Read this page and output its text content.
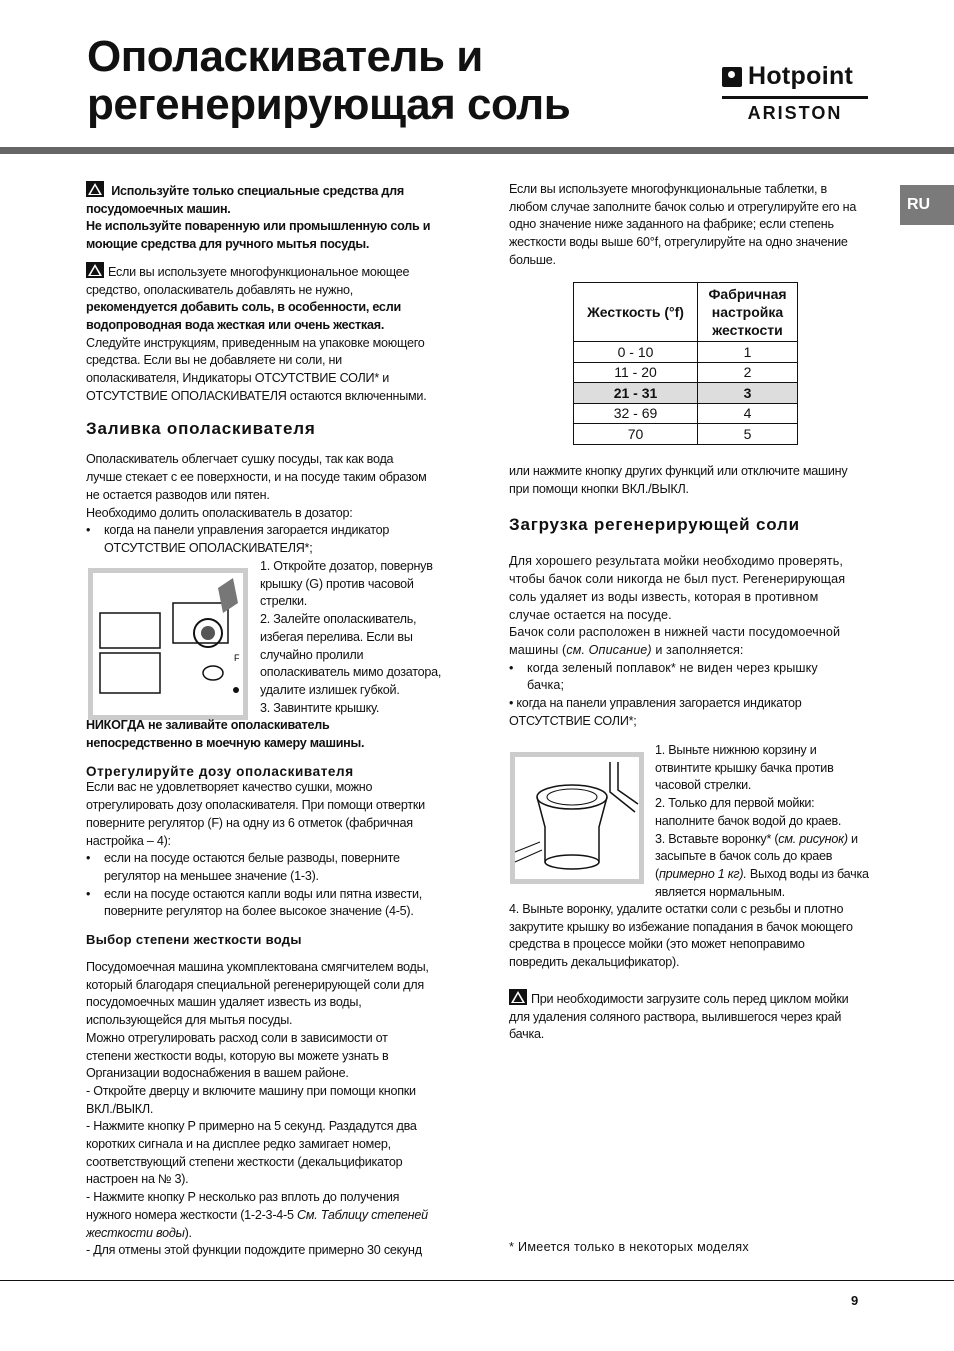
Ополаскиватель и
регенерирующая соль
Hotpoint
ARISTON
RU
Используйте только специальные средства для
посудомоечных машин.
Не используйте поваренную или промышленную соль и
моющие средства для ручного мытья посуды.
Если вы используете многофункциональное моющее
средство, ополаскиватель добавлять не нужно,
рекомендуется добавить соль, в особенности, если
водопроводная вода жесткая или очень жесткая.
Следуйте инструкциям, приведенным на упаковке моющего
средства. Если вы не добавляете ни соли, ни
ополаскивателя, Индикаторы ОТСУТСТВИЕ СОЛИ* и
ОТСУТСТВИЕ ОПОЛАСКИВАТЕЛЯ остаются включенными.
Заливка ополаскивателя
Ополаскиватель облегчает сушку посуды, так как вода
лучше стекает с ее поверхности, и на посуде таким образом
не остается разводов или пятен.
Необходимо долить ополаскиватель в дозатор:
•	когда на панели управления загорается индикатор
ОТСУТСТВИЕ ОПОЛАСКИВАТЕЛЯ*;
F
1. Откройте дозатор, повернув
крышку (G) против часовой
стрелки.
2. Залейте ополаскиватель,
избегая перелива. Если вы
случайно пролили
ополаскиватель мимо дозатора,
удалите излишек губкой.
3. Завинтите крышку.
НИКОГДА не заливайте ополаскиватель
непосредственно в моечную камеру машины.
Отрегулируйте дозу ополаскивателя
Если вас не удовлетворяет качество сушки, можно
отрегулировать дозу ополаскивателя. При помощи отвертки
поверните регулятор (F) на одну из 6 отметок (фабричная
настройка – 4):
•	если на посуде остаются белые разводы, поверните
регулятор на меньшее значение (1-3).
•	если на посуде остаются капли воды или пятна извести,
поверните регулятор на более высокое значение (4-5).
Выбор степени жесткости воды
Посудомоечная машина укомплектована смягчителем воды,
который благодаря специальной регенерирующей соли для
посудомоечных машин удаляет известь из воды,
использующейся для мытья посуды.
Можно отрегулировать расход соли в зависимости от
степени жесткости воды, которую вы можете узнать в
Организации водоснабжения в вашем районе.
- Откройте дверцу и включите машину при помощи кнопки
ВКЛ./ВЫКЛ.
- Нажмите кнопку P примерно на 5 секунд. Раздадутся два
коротких сигнала и на дисплее редко замигает номер,
соответствующий степени жесткости (декальцификатор
настроен на № 3).
- Нажмите кнопку P несколько раз вплоть до получения
нужного номера жесткости (1-2-3-4-5 См. Таблицу степеней
жесткости воды).
- Для отмены этой функции подождите примерно 30 секунд
Если вы используете многофункциональные таблетки, в
любом случае заполните бачок солью и отрегулируйте его на
одно значение ниже заданного на фабрике; если степень
жесткости воды выше 60°f, отрегулируйте на одно значение
больше.
Жесткость (°f)	Фабричная
настройка
жесткости
0 - 10	1
11 - 20	2
21 - 31	3
32 - 69	4
70	5
или нажмите кнопку других функций или отключите машину
при помощи кнопки ВКЛ./ВЫКЛ.
Загрузка регенерирующей соли
Для хорошего результата мойки необходимо проверять,
чтобы бачок соли никогда не был пуст. Регенерирующая
соль удаляет из воды известь, которая в противном
случае остается на посуде.
Бачок соли расположен в нижней части посудомоечной
машины (см. Описание) и заполняется:
•	когда зеленый поплавок* не виден через крышку
бачка;
• когда на панели управления загорается индикатор
ОТСУТСТВИЕ СОЛИ*;
1. Выньте нижнюю корзину и
отвинтите крышку бачка против
часовой стрелки.
2. Только для первой мойки:
наполните бачок водой до краев.
3. Вставьте воронку* (см. рисунок) и
засыпьте в бачок соль до краев
(примерно 1 кг). Выход воды из бачка
является нормальным.
4. Выньте воронку, удалите остатки соли с резьбы и плотно
закрутите крышку во избежание попадания в бачок моющего
средства в процессе мойки (это может непоправимо
повредить декальцификатор).
При необходимости загрузите соль перед циклом мойки
для удаления соляного раствора, вылившегося через край
бачка.
* Имеется только в некоторых моделях
9
